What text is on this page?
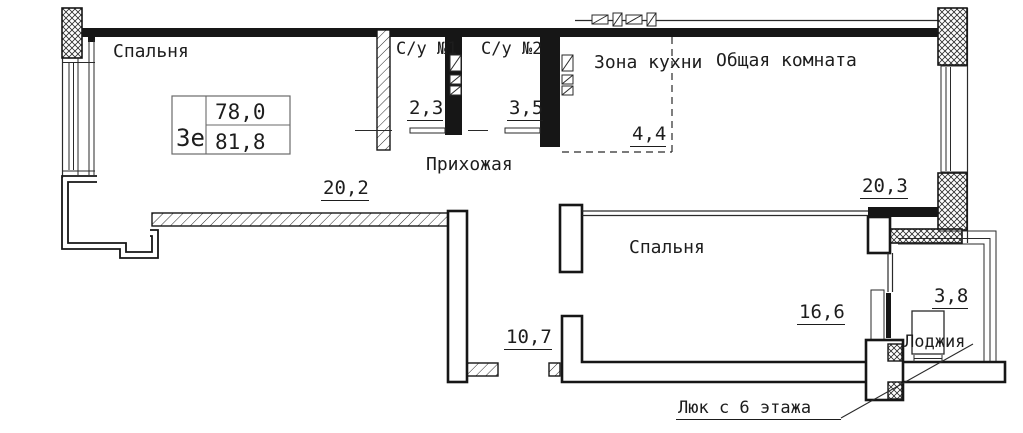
3е
78,0
81,8
Спальня	С/у №1 С/у №2
Зона кухни Общая комната
Прихожая
Спальня
Лоджия
2,3	3,5
4,4
20,2	20,3
16,6
10,7
3,8
Люк с 6 этажа
